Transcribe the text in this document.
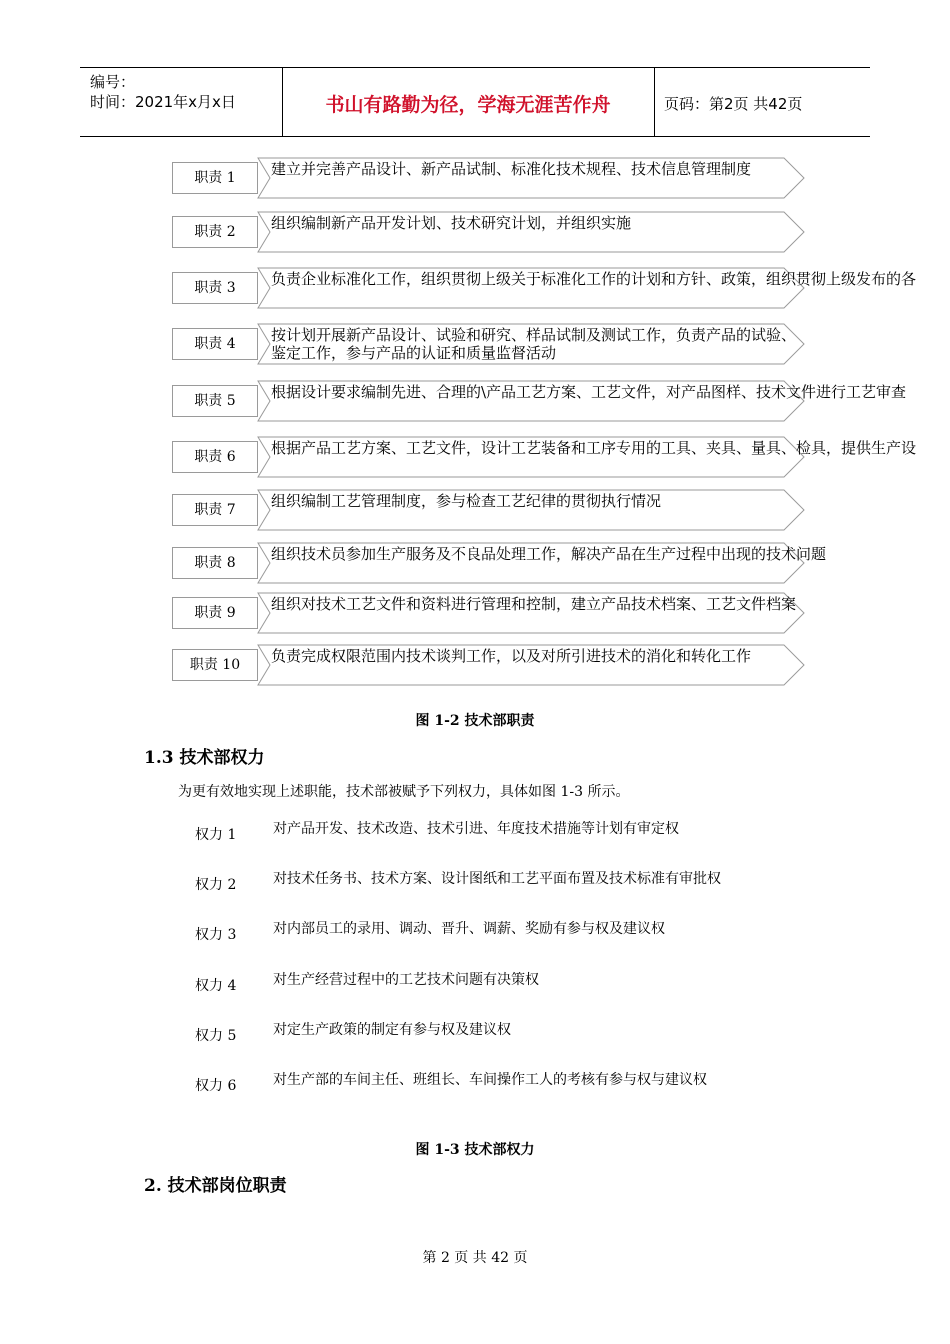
编号：
时间：2021年x月x日	书山有路勤为径，学海无涯苦作舟	页码：第2页 共42页
职责 1	建立并完善产品设计、新产品试制、标准化技术规程、技术信息管理制度
职责 2	组织编制新产品开发计划、技术研究计划，并组织实施
职责 3	负责企业标准化工作，组织贯彻上级关于标准化工作的计划和方针、政策，组织贯彻上级发布的各
职责 4	按计划开展新产品设计、试验和研究、样品试制及测试工作，负责产品的试验、
鉴定工作，参与产品的认证和质量监督活动
职责 5	根据设计要求编制先进、合理的\产品工艺方案、工艺文件，对产品图样、技术文件进行工艺审查
职责 6	根据产品工艺方案、工艺文件，设计工艺装备和工序专用的工具、夹具、量具、检具，提供生产设
职责 7	组织编制工艺管理制度，参与检查工艺纪律的贯彻执行情况
职责 8	组织技术员参加生产服务及不良品处理工作，解决产品在生产过程中出现的技术问题
职责 9	组织对技术工艺文件和资料进行管理和控制，建立产品技术档案、工艺文件档案
职责 10	负责完成权限范围内技术谈判工作，以及对所引进技术的消化和转化工作
图 1-2 技术部职责
1.3 技术部权力
为更有效地实现上述职能，技术部被赋予下列权力，具体如图 1-3 所示。
权力 1	对产品开发、技术改造、技术引进、年度技术措施等计划有审定权
权力 2	对技术任务书、技术方案、设计图纸和工艺平面布置及技术标准有审批权
权力 3	对内部员工的录用、调动、晋升、调薪、奖励有参与权及建议权
权力 4	对生产经营过程中的工艺技术问题有决策权
权力 5	对定生产政策的制定有参与权及建议权
权力 6	对生产部的车间主任、班组长、车间操作工人的考核有参与权与建议权
图 1-3 技术部权力
2. 技术部岗位职责
第 2 页 共 42 页
